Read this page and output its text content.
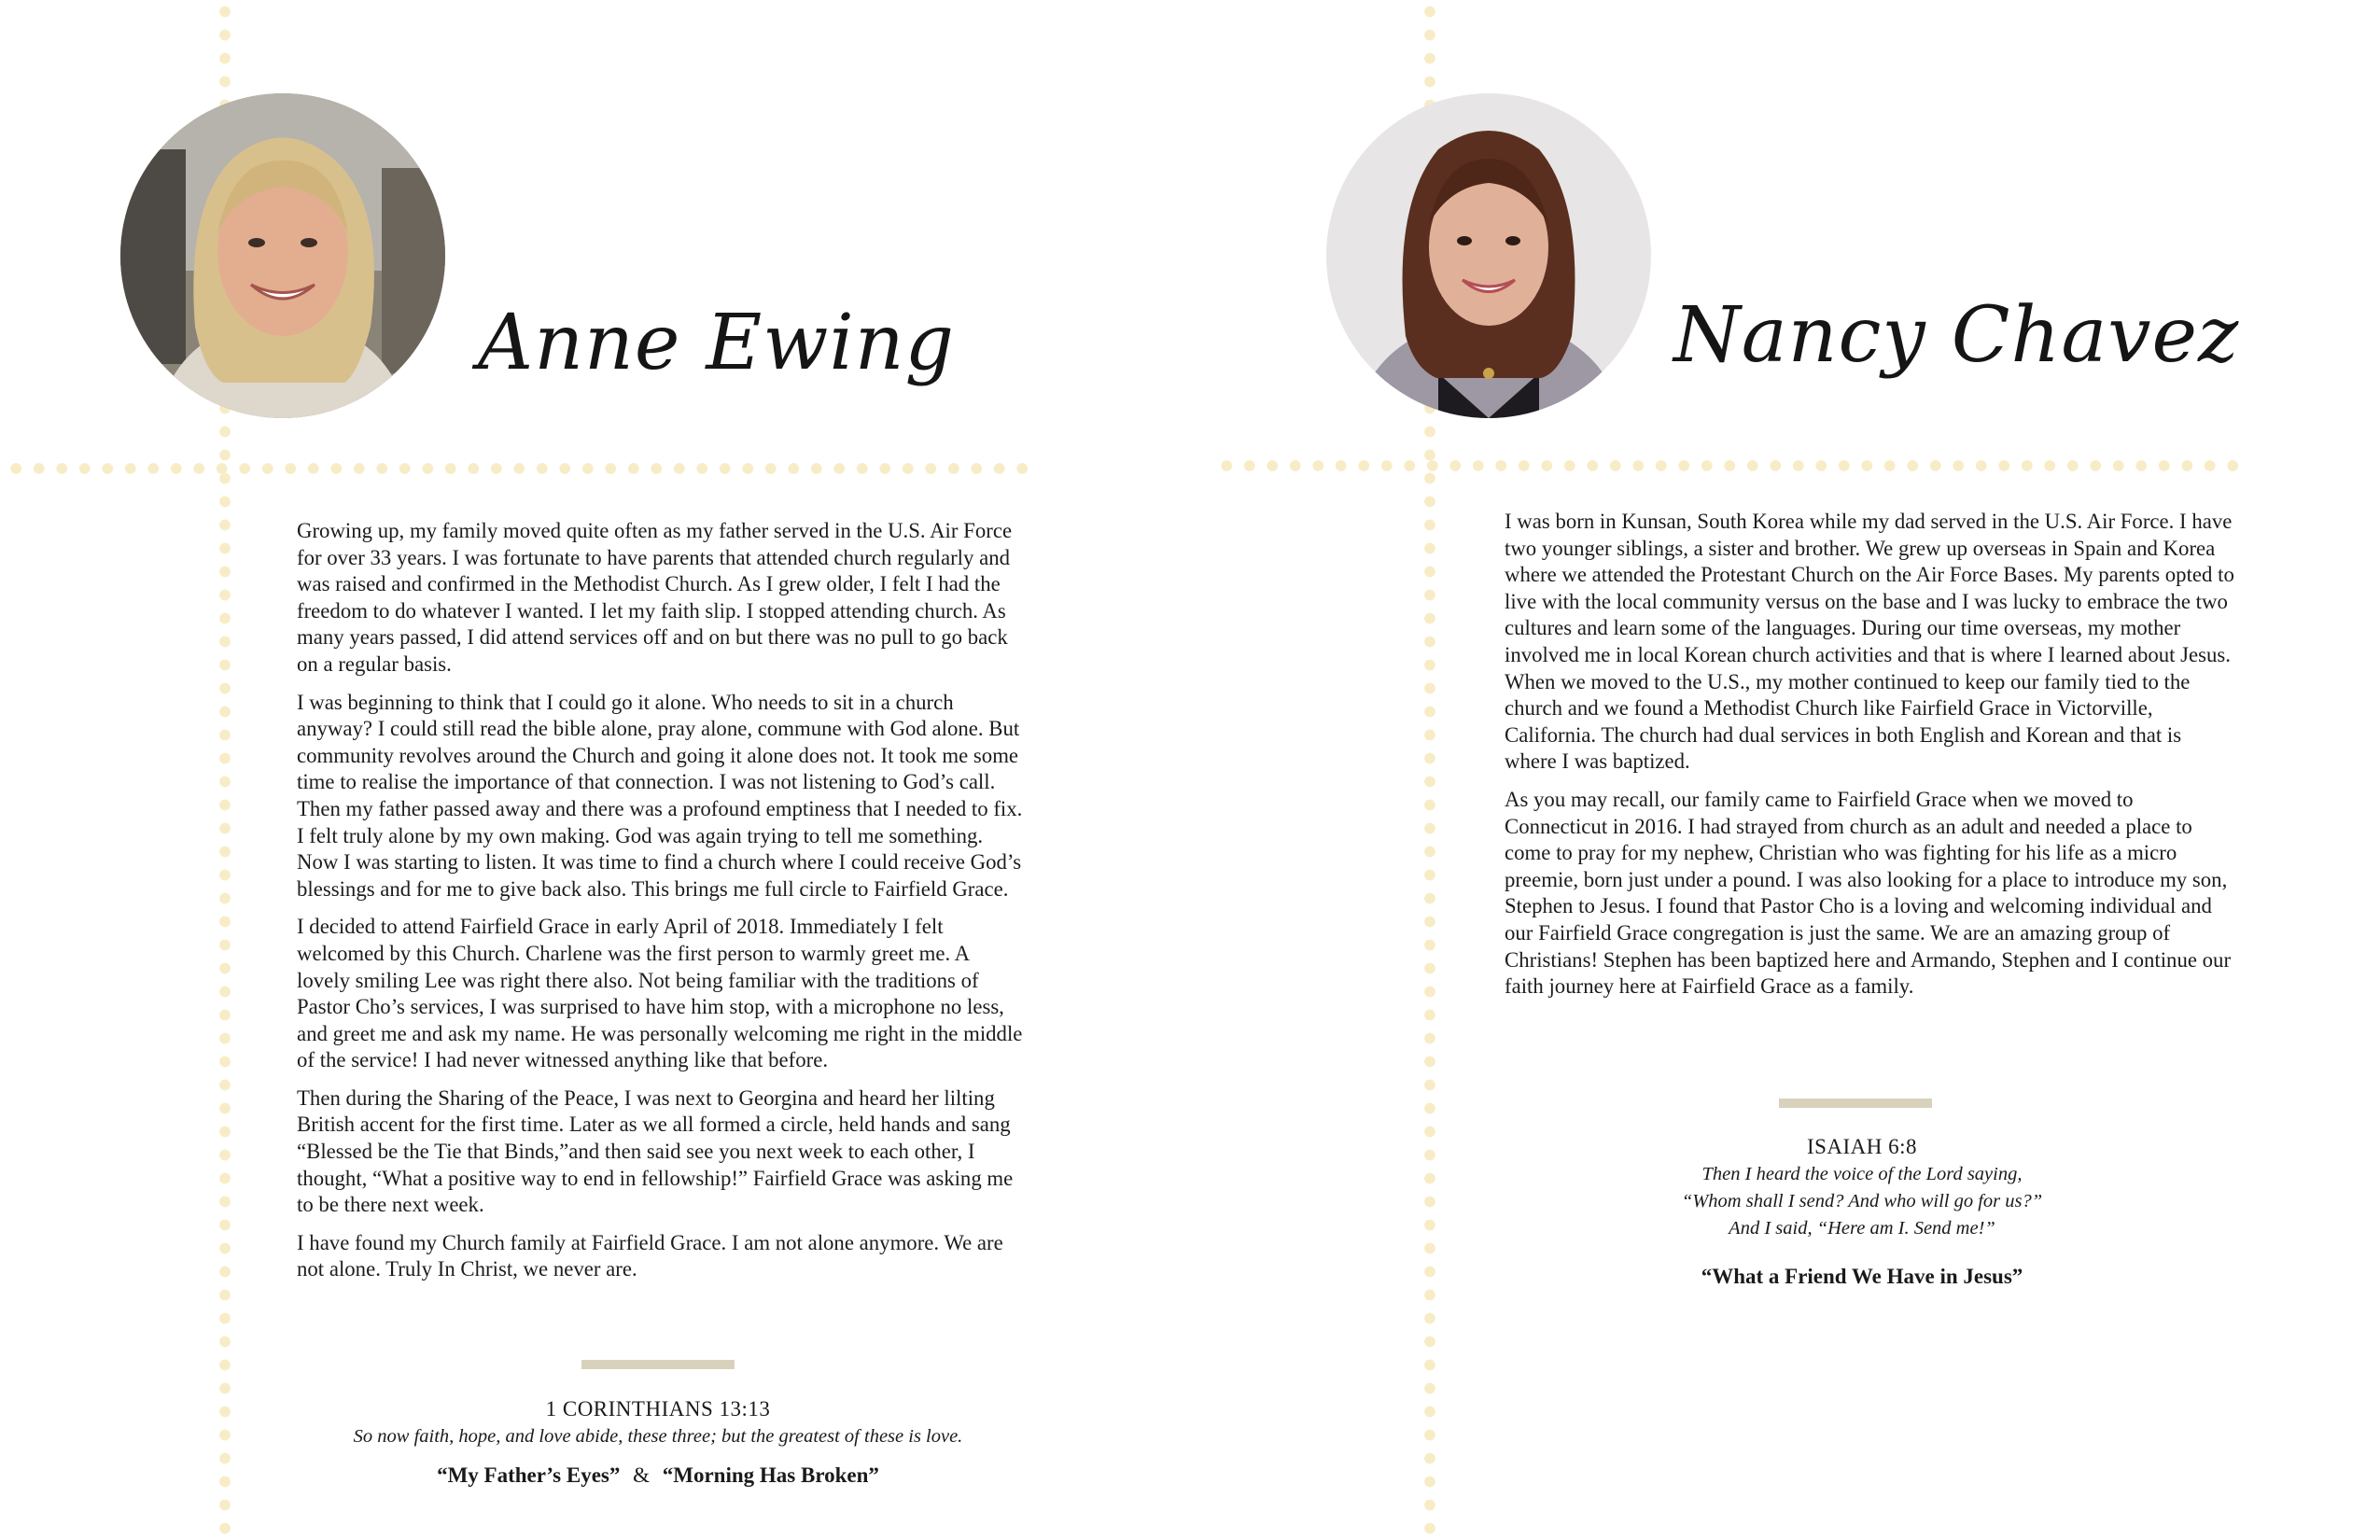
Anne Ewing

Growing up, my family moved quite often as my father served in the U.S. Air Force for over 33 years. I was fortunate to have parents that attended church regularly and was raised and confirmed in the Methodist Church. As I grew older, I felt I had the freedom to do whatever I wanted. I let my faith slip. I stopped attending church. As many years passed, I did attend services off and on but there was no pull to go back on a regular basis.

I was beginning to think that I could go it alone. Who needs to sit in a church anyway? I could still read the bible alone, pray alone, commune with God alone. But community revolves around the Church and going it alone does not. It took me some time to realise the importance of that connection. I was not listening to God’s call. Then my father passed away and there was a profound emptiness that I needed to fix. I felt truly alone by my own making. God was again trying to tell me something. Now I was starting to listen. It was time to find a church where I could receive God’s blessings and for me to give back also. This brings me full circle to Fairfield Grace.

I decided to attend Fairfield Grace in early April of 2018. Immediately I felt welcomed by this Church. Charlene was the first person to warmly greet me. A lovely smiling Lee was right there also. Not being familiar with the traditions of Pastor Cho’s services, I was surprised to have him stop, with a microphone no less, and greet me and ask my name. He was personally welcoming me right in the middle of the service! I had never witnessed anything like that before.

Then during the Sharing of the Peace, I was next to Georgina and heard her lilting British accent for the first time. Later as we all formed a circle, held hands and sang “Blessed be the Tie that Binds,”and then said see you next week to each other, I thought, “What a positive way to end in fellowship!” Fairfield Grace was asking me to be there next week.

I have found my Church family at Fairfield Grace. I am not alone anymore. We are not alone. Truly In Christ, we never are.

1 CORINTHIANS 13:13
So now faith, hope, and love abide, these three; but the greatest of these is love.
“My Father’s Eyes” & “Morning Has Broken”
Nancy Chavez

I was born in Kunsan, South Korea while my dad served in the U.S. Air Force. I have two younger siblings, a sister and brother. We grew up overseas in Spain and Korea where we attended the Protestant Church on the Air Force Bases. My parents opted to live with the local community versus on the base and I was lucky to embrace the two cultures and learn some of the languages. During our time overseas, my mother involved me in local Korean church activities and that is where I learned about Jesus. When we moved to the U.S., my mother continued to keep our family tied to the church and we found a Methodist Church like Fairfield Grace in Victorville, California. The church had dual services in both English and Korean and that is where I was baptized.

As you may recall, our family came to Fairfield Grace when we moved to Connecticut in 2016. I had strayed from church as an adult and needed a place to come to pray for my nephew, Christian who was fighting for his life as a micro preemie, born just under a pound. I was also looking for a place to introduce my son, Stephen to Jesus. I found that Pastor Cho is a loving and welcoming individual and our Fairfield Grace congregation is just the same. We are an amazing group of Christians! Stephen has been baptized here and Armando, Stephen and I continue our faith journey here at Fairfield Grace as a family.

ISAIAH 6:8
Then I heard the voice of the Lord saying,
“Whom shall I send? And who will go for us?”
And I said, “Here am I. Send me!”
“What a Friend We Have in Jesus”
